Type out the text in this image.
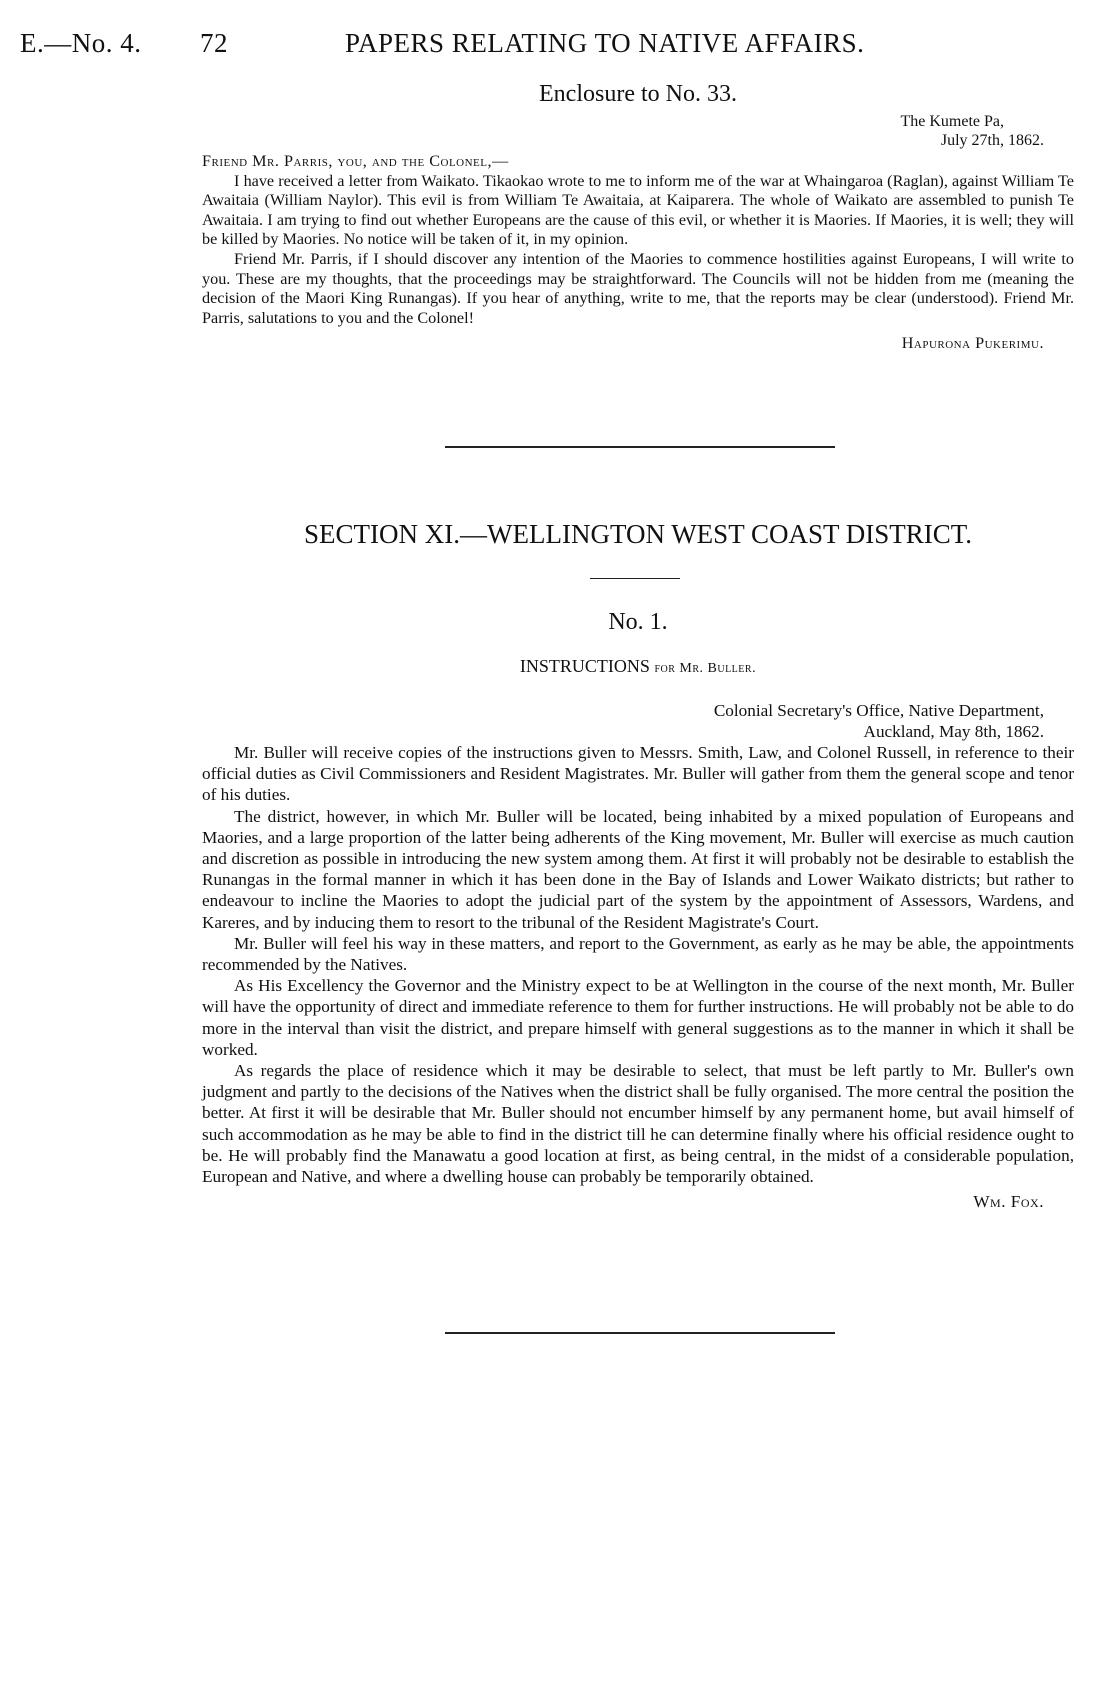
E.—No. 4. 72	PAPERS RELATING TO NATIVE AFFAIRS.
Enclosure to No. 33.
The Kumete Pa,
July 27th, 1862.

Friend Mr. Parris, you, and the Colonel,—

I have received a letter from Waikato. Tikaokao wrote to me to inform me of the war at Whaingaroa (Raglan), against William Te Awaitaia (William Naylor). This evil is from William Te Awaitaia, at Kaiparera. The whole of Waikato are assembled to punish Te Awaitaia. I am trying to find out whether Europeans are the cause of this evil, or whether it is Maories. If Maories, it is well; they will be killed by Maories. No notice will be taken of it, in my opinion.

Friend Mr. Parris, if I should discover any intention of the Maories to commence hostilities against Europeans, I will write to you. These are my thoughts, that the proceedings may be straightforward. The Councils will not be hidden from me (meaning the decision of the Maori King Runangas). If you hear of anything, write to me, that the reports may be clear (understood). Friend Mr. Parris, salutations to you and the Colonel!

Hapurona Pukerimu.

SECTION XI.—WELLINGTON WEST COAST DISTRICT.
No. 1.
INSTRUCTIONS for Mr. Buller.
Colonial Secretary's Office, Native Department,
Auckland, May 8th, 1862.

Mr. Buller will receive copies of the instructions given to Messrs. Smith, Law, and Colonel Russell, in reference to their official duties as Civil Commissioners and Resident Magistrates. Mr. Buller will gather from them the general scope and tenor of his duties.

The district, however, in which Mr. Buller will be located, being inhabited by a mixed population of Europeans and Maories, and a large proportion of the latter being adherents of the King movement, Mr. Buller will exercise as much caution and discretion as possible in introducing the new system among them. At first it will probably not be desirable to establish the Runangas in the formal manner in which it has been done in the Bay of Islands and Lower Waikato districts; but rather to endeavour to incline the Maories to adopt the judicial part of the system by the appointment of Assessors, Wardens, and Kareres, and by inducing them to resort to the tribunal of the Resident Magistrate's Court.

Mr. Buller will feel his way in these matters, and report to the Government, as early as he may be able, the appointments recommended by the Natives.

As His Excellency the Governor and the Ministry expect to be at Wellington in the course of the next month, Mr. Buller will have the opportunity of direct and immediate reference to them for further instructions. He will probably not be able to do more in the interval than visit the district, and prepare himself with general suggestions as to the manner in which it shall be worked.

As regards the place of residence which it may be desirable to select, that must be left partly to Mr. Buller's own judgment and partly to the decisions of the Natives when the district shall be fully organised. The more central the position the better. At first it will be desirable that Mr. Buller should not encumber himself by any permanent home, but avail himself of such accommodation as he may be able to find in the district till he can determine finally where his official residence ought to be. He will probably find the Manawatu a good location at first, as being central, in the midst of a considerable population, European and Native, and where a dwelling house can probably be temporarily obtained.

Wm. Fox.
